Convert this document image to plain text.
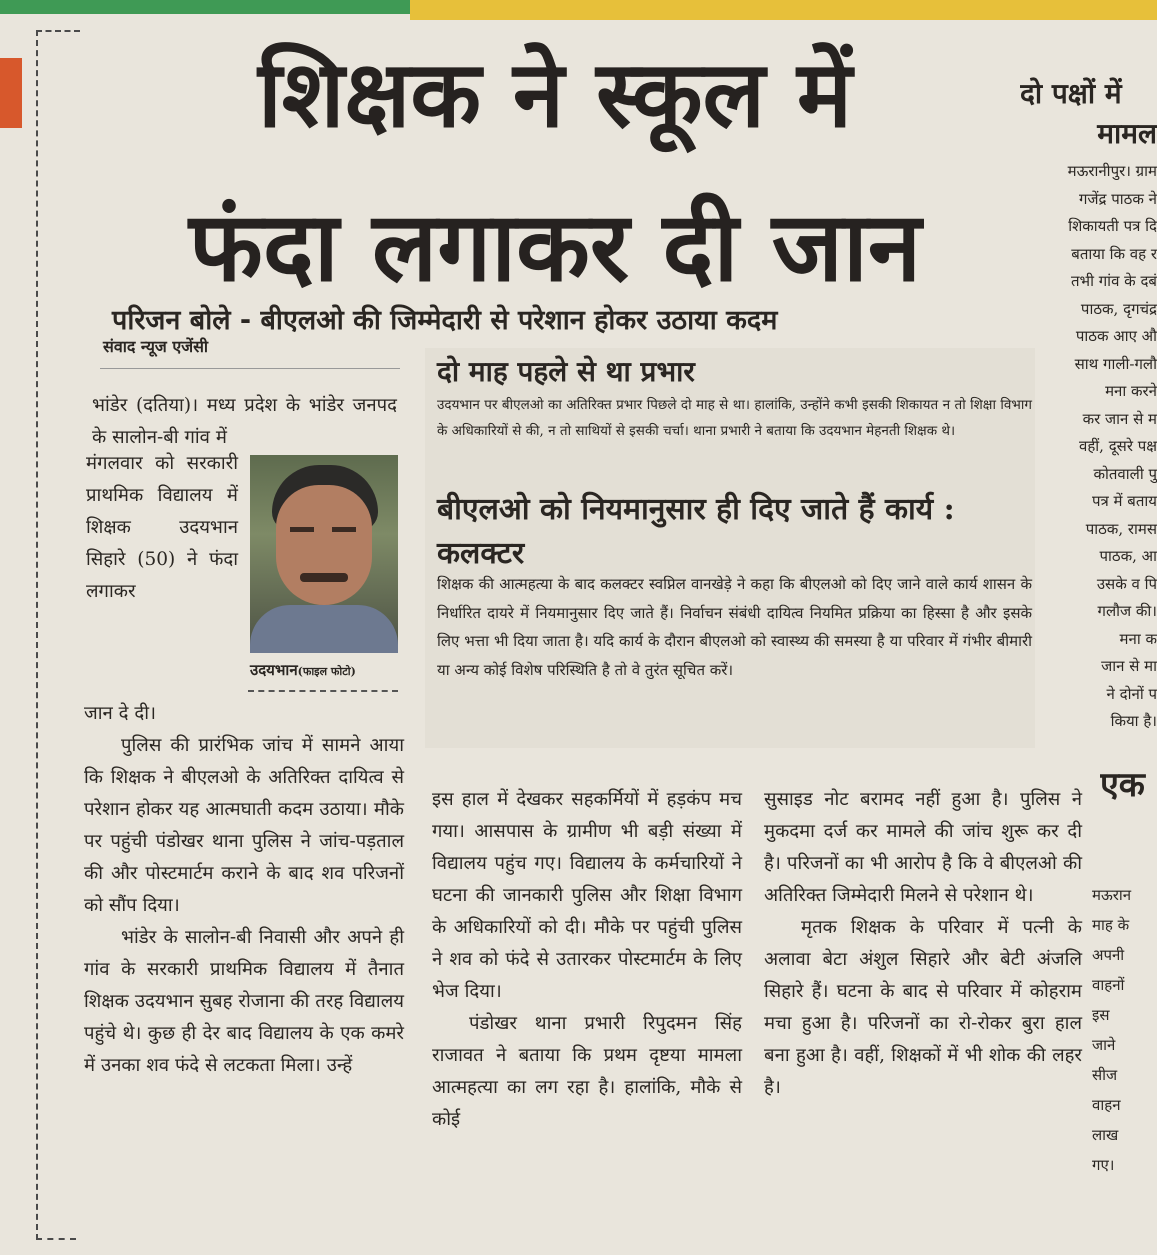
शिक्षक ने स्कूल में
फंदा लगाकर दी जान
परिजन बोले - बीएलओ की जिम्मेदारी से परेशान होकर उठाया कदम
संवाद न्यूज एजेंसी

भांडेर (दतिया)। मध्य प्रदेश के भांडेर जनपद के सालोन-बी गांव में

मंगलवार को सरकारी प्राथमिक विद्यालय में शिक्षक उदयभान सिहारे (50) ने फंदा लगाकर

उदयभान(फाइल फोटो)

जान दे दी।

पुलिस की प्रारंभिक जांच में सामने आया कि शिक्षक ने बीएलओ के अतिरिक्त दायित्व से परेशान होकर यह आत्मघाती कदम उठाया। मौके पर पहुंची पंडोखर थाना पुलिस ने जांच-पड़ताल की और पोस्टमार्टम कराने के बाद शव परिजनों को सौंप दिया।

भांडेर के सालोन-बी निवासी और अपने ही गांव के सरकारी प्राथमिक विद्यालय में तैनात शिक्षक उदयभान सुबह रोजाना की तरह विद्यालय पहुंचे थे। कुछ ही देर बाद विद्यालय के एक कमरे में उनका शव फंदे से लटकता मिला। उन्हें

दो माह पहले से था प्रभार

उदयभान पर बीएलओ का अतिरिक्त प्रभार पिछले दो माह से था। हालांकि, उन्होंने कभी इसकी शिकायत न तो शिक्षा विभाग के अधिकारियों से की, न तो साथियों से इसकी चर्चा। थाना प्रभारी ने बताया कि उदयभान मेहनती शिक्षक थे।

बीएलओ को नियमानुसार ही दिए जाते हैं कार्य : कलक्टर

शिक्षक की आत्महत्या के बाद कलक्टर स्वप्निल वानखेड़े ने कहा कि बीएलओ को दिए जाने वाले कार्य शासन के निर्धारित दायरे में नियमानुसार दिए जाते हैं। निर्वाचन संबंधी दायित्व नियमित प्रक्रिया का हिस्सा है और इसके लिए भत्ता भी दिया जाता है। यदि कार्य के दौरान बीएलओ को स्वास्थ्य की समस्या है या परिवार में गंभीर बीमारी या अन्य कोई विशेष परिस्थिति है तो वे तुरंत सूचित करें।

इस हाल में देखकर सहकर्मियों में हड़कंप मच गया। आसपास के ग्रामीण भी बड़ी संख्या में विद्यालय पहुंच गए। विद्यालय के कर्मचारियों ने घटना की जानकारी पुलिस और शिक्षा विभाग के अधिकारियों को दी। मौके पर पहुंची पुलिस ने शव को फंदे से उतारकर पोस्टमार्टम के लिए भेज दिया।

पंडोखर थाना प्रभारी रिपुदमन सिंह राजावत ने बताया कि प्रथम दृष्टया मामला आत्महत्या का लग रहा है। हालांकि, मौके से कोई

सुसाइड नोट बरामद नहीं हुआ है। पुलिस ने मुकदमा दर्ज कर मामले की जांच शुरू कर दी है। परिजनों का भी आरोप है कि वे बीएलओ की अतिरिक्त जिम्मेदारी मिलने से परेशान थे।

मृतक शिक्षक के परिवार में पत्नी के अलावा बेटा अंशुल सिहारे और बेटी अंजलि सिहारे हैं। घटना के बाद से परिवार में कोहराम मचा हुआ है। परिजनों का रो-रोकर बुरा हाल बना हुआ है। वहीं, शिक्षकों में भी शोक की लहर है।

दो पक्षों में
मामल
मऊरानीपुर। ग्राम
गजेंद्र पाठक ने
शिकायती पत्र दि
बताया कि वह र
तभी गांव के दबं
पाठक, दृगचंद्र
पाठक आए औ
साथ गाली-गलौ
मना करने
कर जान से म
वहीं, दूसरे पक्ष
कोतवाली पु
पत्र में बताय
पाठक, रामस
पाठक, आ
उसके व पि
गलौज की।
मना क
जान से मा
ने दोनों प
किया है।
एक
मऊरान
माह के
अपनी
वाहनों
इस
जाने
सीज
वाहन
लाख
गए।
